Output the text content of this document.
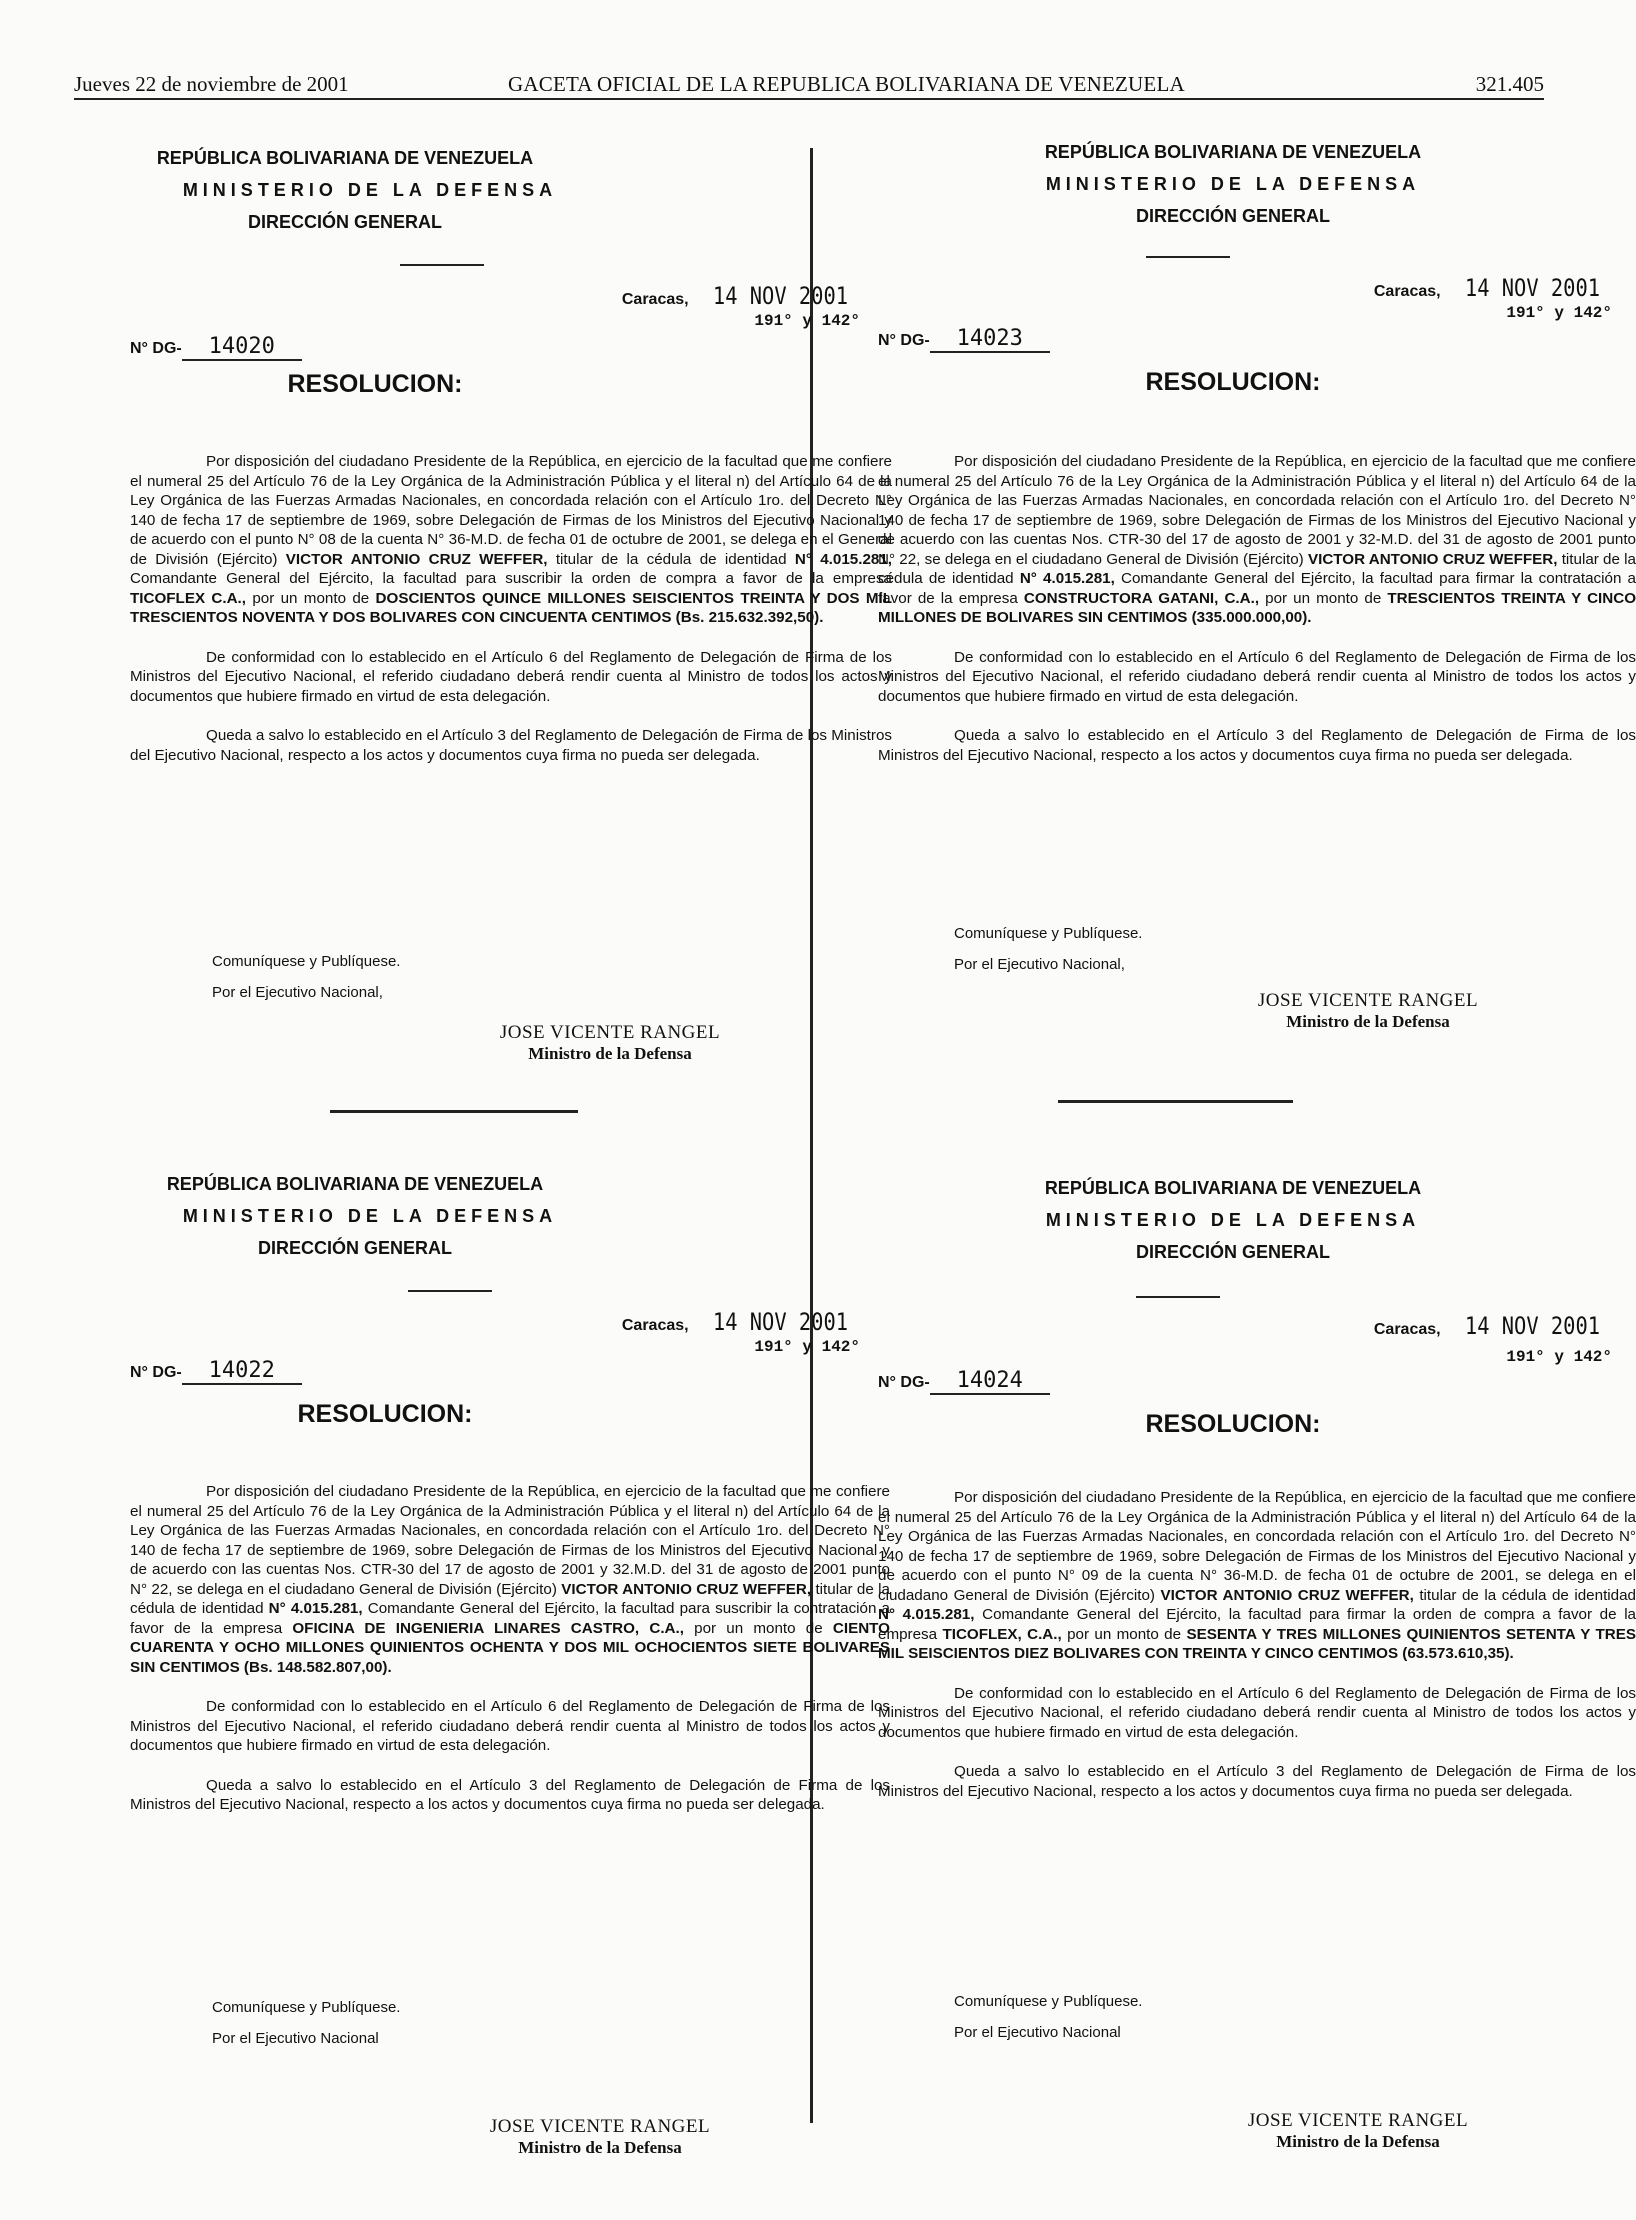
Jueves 22 de noviembre de 2001	GACETA OFICIAL DE LA REPUBLICA BOLIVARIANA DE VENEZUELA	321.405
REPÚBLICA BOLIVARIANA DE VENEZUELA
MINISTERIO DE LA DEFENSA
DIRECCIÓN GENERAL
Caracas, 14 NOV 2001
191° y 142°
N° DG- 14020
RESOLUCION:

Por disposición del ciudadano Presidente de la República, en ejercicio de la facultad que me confiere el numeral 25 del Artículo 76 de la Ley Orgánica de la Administración Pública y el literal n) del Artículo 64 de la Ley Orgánica de las Fuerzas Armadas Nacionales, en concordada relación con el Artículo 1ro. del Decreto N° 140 de fecha 17 de septiembre de 1969, sobre Delegación de Firmas de los Ministros del Ejecutivo Nacional y de acuerdo con el punto N° 08 de la cuenta N° 36-M.D. de fecha 01 de octubre de 2001, se delega en el General de División (Ejército) VICTOR ANTONIO CRUZ WEFFER, titular de la cédula de identidad N° 4.015.281, Comandante General del Ejército, la facultad para suscribir la orden de compra a favor de la empresa TICOFLEX C.A., por un monto de DOSCIENTOS QUINCE MILLONES SEISCIENTOS TREINTA Y DOS MIL TRESCIENTOS NOVENTA Y DOS BOLIVARES CON CINCUENTA CENTIMOS (Bs. 215.632.392,50).

De conformidad con lo establecido en el Artículo 6 del Reglamento de Delegación de Firma de los Ministros del Ejecutivo Nacional, el referido ciudadano deberá rendir cuenta al Ministro de todos los actos y documentos que hubiere firmado en virtud de esta delegación.

Queda a salvo lo establecido en el Artículo 3 del Reglamento de Delegación de Firma de los Ministros del Ejecutivo Nacional, respecto a los actos y documentos cuya firma no pueda ser delegada.

Comuníquese y Publíquese.
Por el Ejecutivo Nacional,
JOSE VICENTE RANGEL
Ministro de la Defensa
REPÚBLICA BOLIVARIANA DE VENEZUELA
MINISTERIO DE LA DEFENSA
DIRECCIÓN GENERAL
Caracas, 14 NOV 2001
191° y 142°
N° DG- 14023
RESOLUCION:

Por disposición del ciudadano Presidente de la República, en ejercicio de la facultad que me confiere el numeral 25 del Artículo 76 de la Ley Orgánica de la Administración Pública y el literal n) del Artículo 64 de la Ley Orgánica de las Fuerzas Armadas Nacionales, en concordada relación con el Artículo 1ro. del Decreto N° 140 de fecha 17 de septiembre de 1969, sobre Delegación de Firmas de los Ministros del Ejecutivo Nacional y de acuerdo con las cuentas Nos. CTR-30 del 17 de agosto de 2001 y 32-M.D. del 31 de agosto de 2001 punto N° 22, se delega en el ciudadano General de División (Ejército) VICTOR ANTONIO CRUZ WEFFER, titular de la cédula de identidad N° 4.015.281, Comandante General del Ejército, la facultad para firmar la contratación a favor de la empresa CONSTRUCTORA GATANI, C.A., por un monto de TRESCIENTOS TREINTA Y CINCO MILLONES DE BOLIVARES SIN CENTIMOS (335.000.000,00).

De conformidad con lo establecido en el Artículo 6 del Reglamento de Delegación de Firma de los Ministros del Ejecutivo Nacional, el referido ciudadano deberá rendir cuenta al Ministro de todos los actos y documentos que hubiere firmado en virtud de esta delegación.

Queda a salvo lo establecido en el Artículo 3 del Reglamento de Delegación de Firma de los Ministros del Ejecutivo Nacional, respecto a los actos y documentos cuya firma no pueda ser delegada.

Comuníquese y Publíquese.
Por el Ejecutivo Nacional,
JOSE VICENTE RANGEL
Ministro de la Defensa
REPÚBLICA BOLIVARIANA DE VENEZUELA
MINISTERIO DE LA DEFENSA
DIRECCIÓN GENERAL
Caracas, 14 NOV 2001
191° y 142°
N° DG- 14022
RESOLUCION:

Por disposición del ciudadano Presidente de la República, en ejercicio de la facultad que me confiere el numeral 25 del Artículo 76 de la Ley Orgánica de la Administración Pública y el literal n) del Artículo 64 de la Ley Orgánica de las Fuerzas Armadas Nacionales, en concordada relación con el Artículo 1ro. del Decreto N° 140 de fecha 17 de septiembre de 1969, sobre Delegación de Firmas de los Ministros del Ejecutivo Nacional y de acuerdo con las cuentas Nos. CTR-30 del 17 de agosto de 2001 y 32.M.D. del 31 de agosto de 2001 punto N° 22, se delega en el ciudadano General de División (Ejército) VICTOR ANTONIO CRUZ WEFFER, titular de la cédula de identidad N° 4.015.281, Comandante General del Ejército, la facultad para suscribir la contratación a favor de la empresa OFICINA DE INGENIERIA LINARES CASTRO, C.A., por un monto de CIENTO CUARENTA Y OCHO MILLONES QUINIENTOS OCHENTA Y DOS MIL OCHOCIENTOS SIETE BOLIVARES SIN CENTIMOS (Bs. 148.582.807,00).

De conformidad con lo establecido en el Artículo 6 del Reglamento de Delegación de Firma de los Ministros del Ejecutivo Nacional, el referido ciudadano deberá rendir cuenta al Ministro de todos los actos y documentos que hubiere firmado en virtud de esta delegación.

Queda a salvo lo establecido en el Artículo 3 del Reglamento de Delegación de Firma de los Ministros del Ejecutivo Nacional, respecto a los actos y documentos cuya firma no pueda ser delegada.

Comuníquese y Publíquese.
Por el Ejecutivo Nacional
JOSE VICENTE RANGEL
Ministro de la Defensa
REPÚBLICA BOLIVARIANA DE VENEZUELA
MINISTERIO DE LA DEFENSA
DIRECCIÓN GENERAL
Caracas, 14 NOV 2001
191° y 142°
N° DG- 14024
RESOLUCION:

Por disposición del ciudadano Presidente de la República, en ejercicio de la facultad que me confiere el numeral 25 del Artículo 76 de la Ley Orgánica de la Administración Pública y el literal n) del Artículo 64 de la Ley Orgánica de las Fuerzas Armadas Nacionales, en concordada relación con el Artículo 1ro. del Decreto N° 140 de fecha 17 de septiembre de 1969, sobre Delegación de Firmas de los Ministros del Ejecutivo Nacional y de acuerdo con el punto N° 09 de la cuenta N° 36-M.D. de fecha 01 de octubre de 2001, se delega en el ciudadano General de División (Ejército) VICTOR ANTONIO CRUZ WEFFER, titular de la cédula de identidad N° 4.015.281, Comandante General del Ejército, la facultad para firmar la orden de compra a favor de la empresa TICOFLEX, C.A., por un monto de SESENTA Y TRES MILLONES QUINIENTOS SETENTA Y TRES MIL SEISCIENTOS DIEZ BOLIVARES CON TREINTA Y CINCO CENTIMOS (63.573.610,35).

De conformidad con lo establecido en el Artículo 6 del Reglamento de Delegación de Firma de los Ministros del Ejecutivo Nacional, el referido ciudadano deberá rendir cuenta al Ministro de todos los actos y documentos que hubiere firmado en virtud de esta delegación.

Queda a salvo lo establecido en el Artículo 3 del Reglamento de Delegación de Firma de los Ministros del Ejecutivo Nacional, respecto a los actos y documentos cuya firma no pueda ser delegada.

Comuníquese y Publíquese.
Por el Ejecutivo Nacional
JOSE VICENTE RANGEL
Ministro de la Defensa
